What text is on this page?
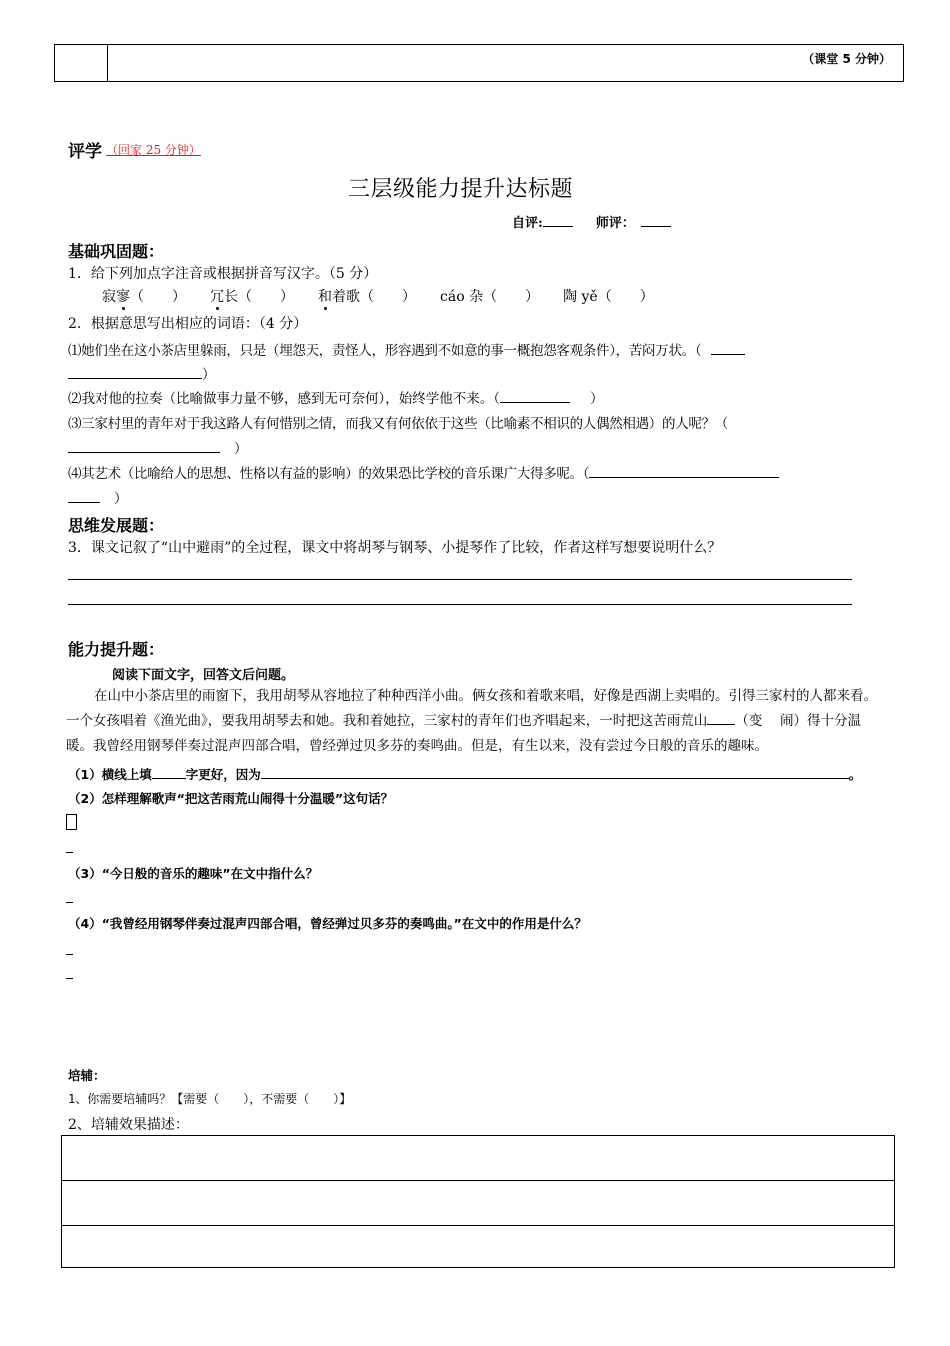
（课堂 5 分钟）
评学 （回家 25 分钟）
三层级能力提升达标题
自评:	师评：
基础巩固题：
1．给下列加点字注音或根据拼音写汉字。（5 分）
寂寥（　　） 冗长（　　） 和着歌（　　） cáo 杂（　　） 陶 yě（　　）
2．根据意思写出相应的词语：（4 分）
⑴她们坐在这小茶店里躲雨，只是（埋怨天，责怪人，形容遇到不如意的事一概抱怨客观条件），苦闷万状。（
）
⑵我对他的拉奏（比喻做事力量不够，感到无可奈何），始终学他不来。（	）
⑶三家村里的青年对于我这路人有何惜别之情，而我又有何依依于这些（比喻素不相识的人偶然相遇）的人呢？（
）
⑷其艺术（比喻给人的思想、性格以有益的影响）的效果恐比学校的音乐课广大得多呢。（
）
思维发展题：
3．课文记叙了“山中避雨”的全过程，课文中将胡琴与钢琴、小提琴作了比较，作者这样写想要说明什么？
能力提升题：
阅读下面文字，回答文后问题。
在山中小茶店里的雨窗下，我用胡琴从容地拉了种种西洋小曲。俩女孩和着歌来唱，好像是西湖上卖唱的。引得三家村的人都来看。一个女孩唱着《渔光曲》，要我用胡琴去和她。我和着她拉，三家村的青年们也齐唱起来，一时把这苦雨荒山 （变　 闹）得十分温暖。我曾经用钢琴伴奏过混声四部合唱，曾经弹过贝多芬的奏鸣曲。但是，有生以来，没有尝过今日般的音乐的趣味。
（1）横线上填	字更好，因为	。
（2）怎样理解歌声“把这苦雨荒山闹得十分温暖”这句话？
（3）“今日般的音乐的趣味”在文中指什么？
（4）“我曾经用钢琴伴奏过混声四部合唱，曾经弹过贝多芬的奏鸣曲。”在文中的作用是什么？
培辅：
1、你需要培辅吗？【需要（　　），不需要（　　）】
2、培辅效果描述：
